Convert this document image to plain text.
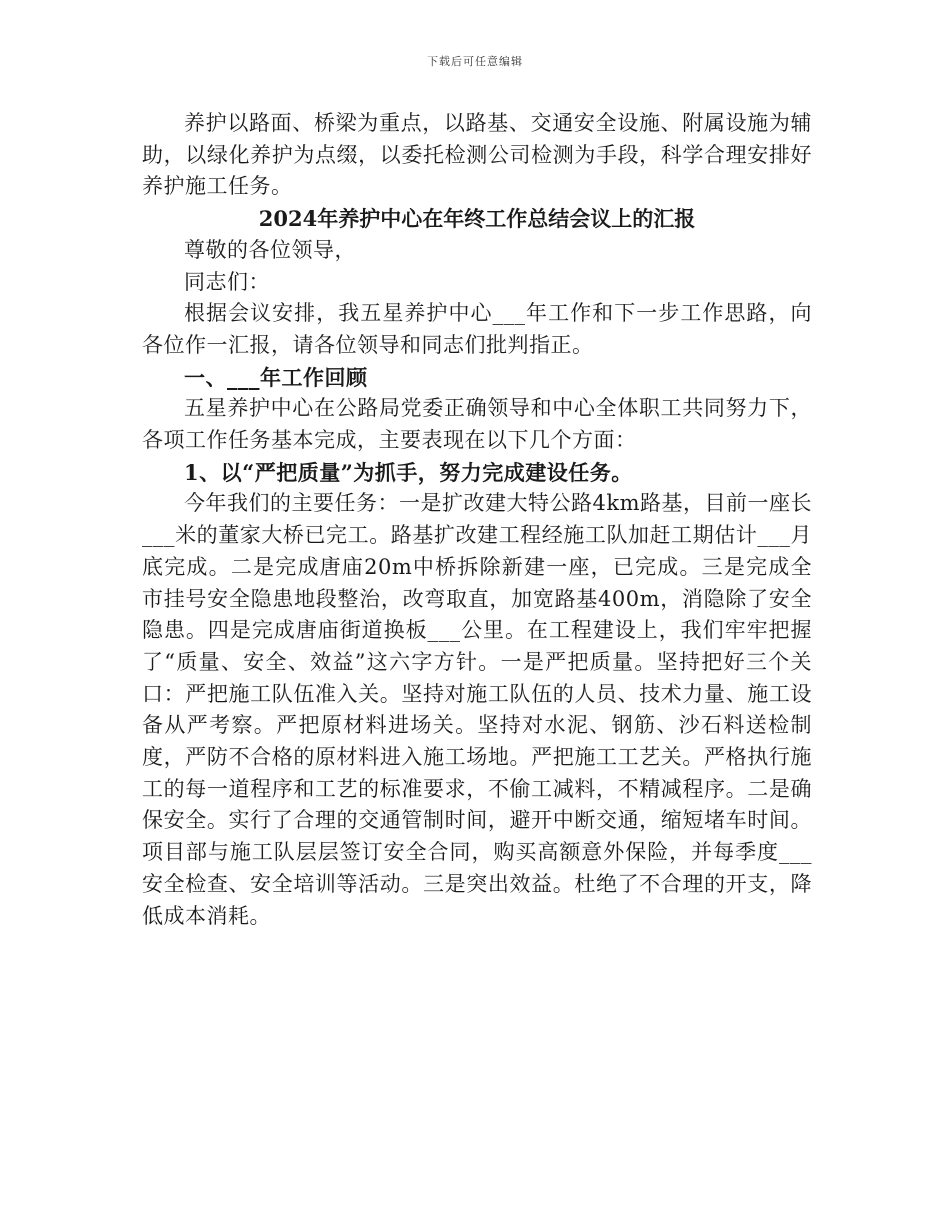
下载后可任意编辑

养护以路面、桥梁为重点，以路基、交通安全设施、附属设施为辅助，以绿化养护为点缀，以委托检测公司检测为手段，科学合理安排好养护施工任务。

2024年养护中心在年终工作总结会议上的汇报

尊敬的各位领导，

同志们：

根据会议安排，我五星养护中心___年工作和下一步工作思路，向各位作一汇报，请各位领导和同志们批判指正。

一、___年工作回顾

五星养护中心在公路局党委正确领导和中心全体职工共同努力下，各项工作任务基本完成，主要表现在以下几个方面：

1、以“严把质量”为抓手，努力完成建设任务。

今年我们的主要任务：一是扩改建大特公路4km路基，目前一座长___米的董家大桥已完工。路基扩改建工程经施工队加赶工期估计___月底完成。二是完成唐庙20m中桥拆除新建一座，已完成。三是完成全市挂号安全隐患地段整治，改弯取直，加宽路基400m，消隐除了安全隐患。四是完成唐庙街道换板___公里。在工程建设上，我们牢牢把握了“质量、安全、效益”这六字方针。一是严把质量。坚持把好三个关口：严把施工队伍准入关。坚持对施工队伍的人员、技术力量、施工设备从严考察。严把原材料进场关。坚持对水泥、钢筋、沙石料送检制度，严防不合格的原材料进入施工场地。严把施工工艺关。严格执行施工的每一道程序和工艺的标准要求，不偷工减料，不精减程序。二是确保安全。实行了合理的交通管制时间，避开中断交通，缩短堵车时间。项目部与施工队层层签订安全合同，购买高额意外保险，并每季度___安全检查、安全培训等活动。三是突出效益。杜绝了不合理的开支，降低成本消耗。
